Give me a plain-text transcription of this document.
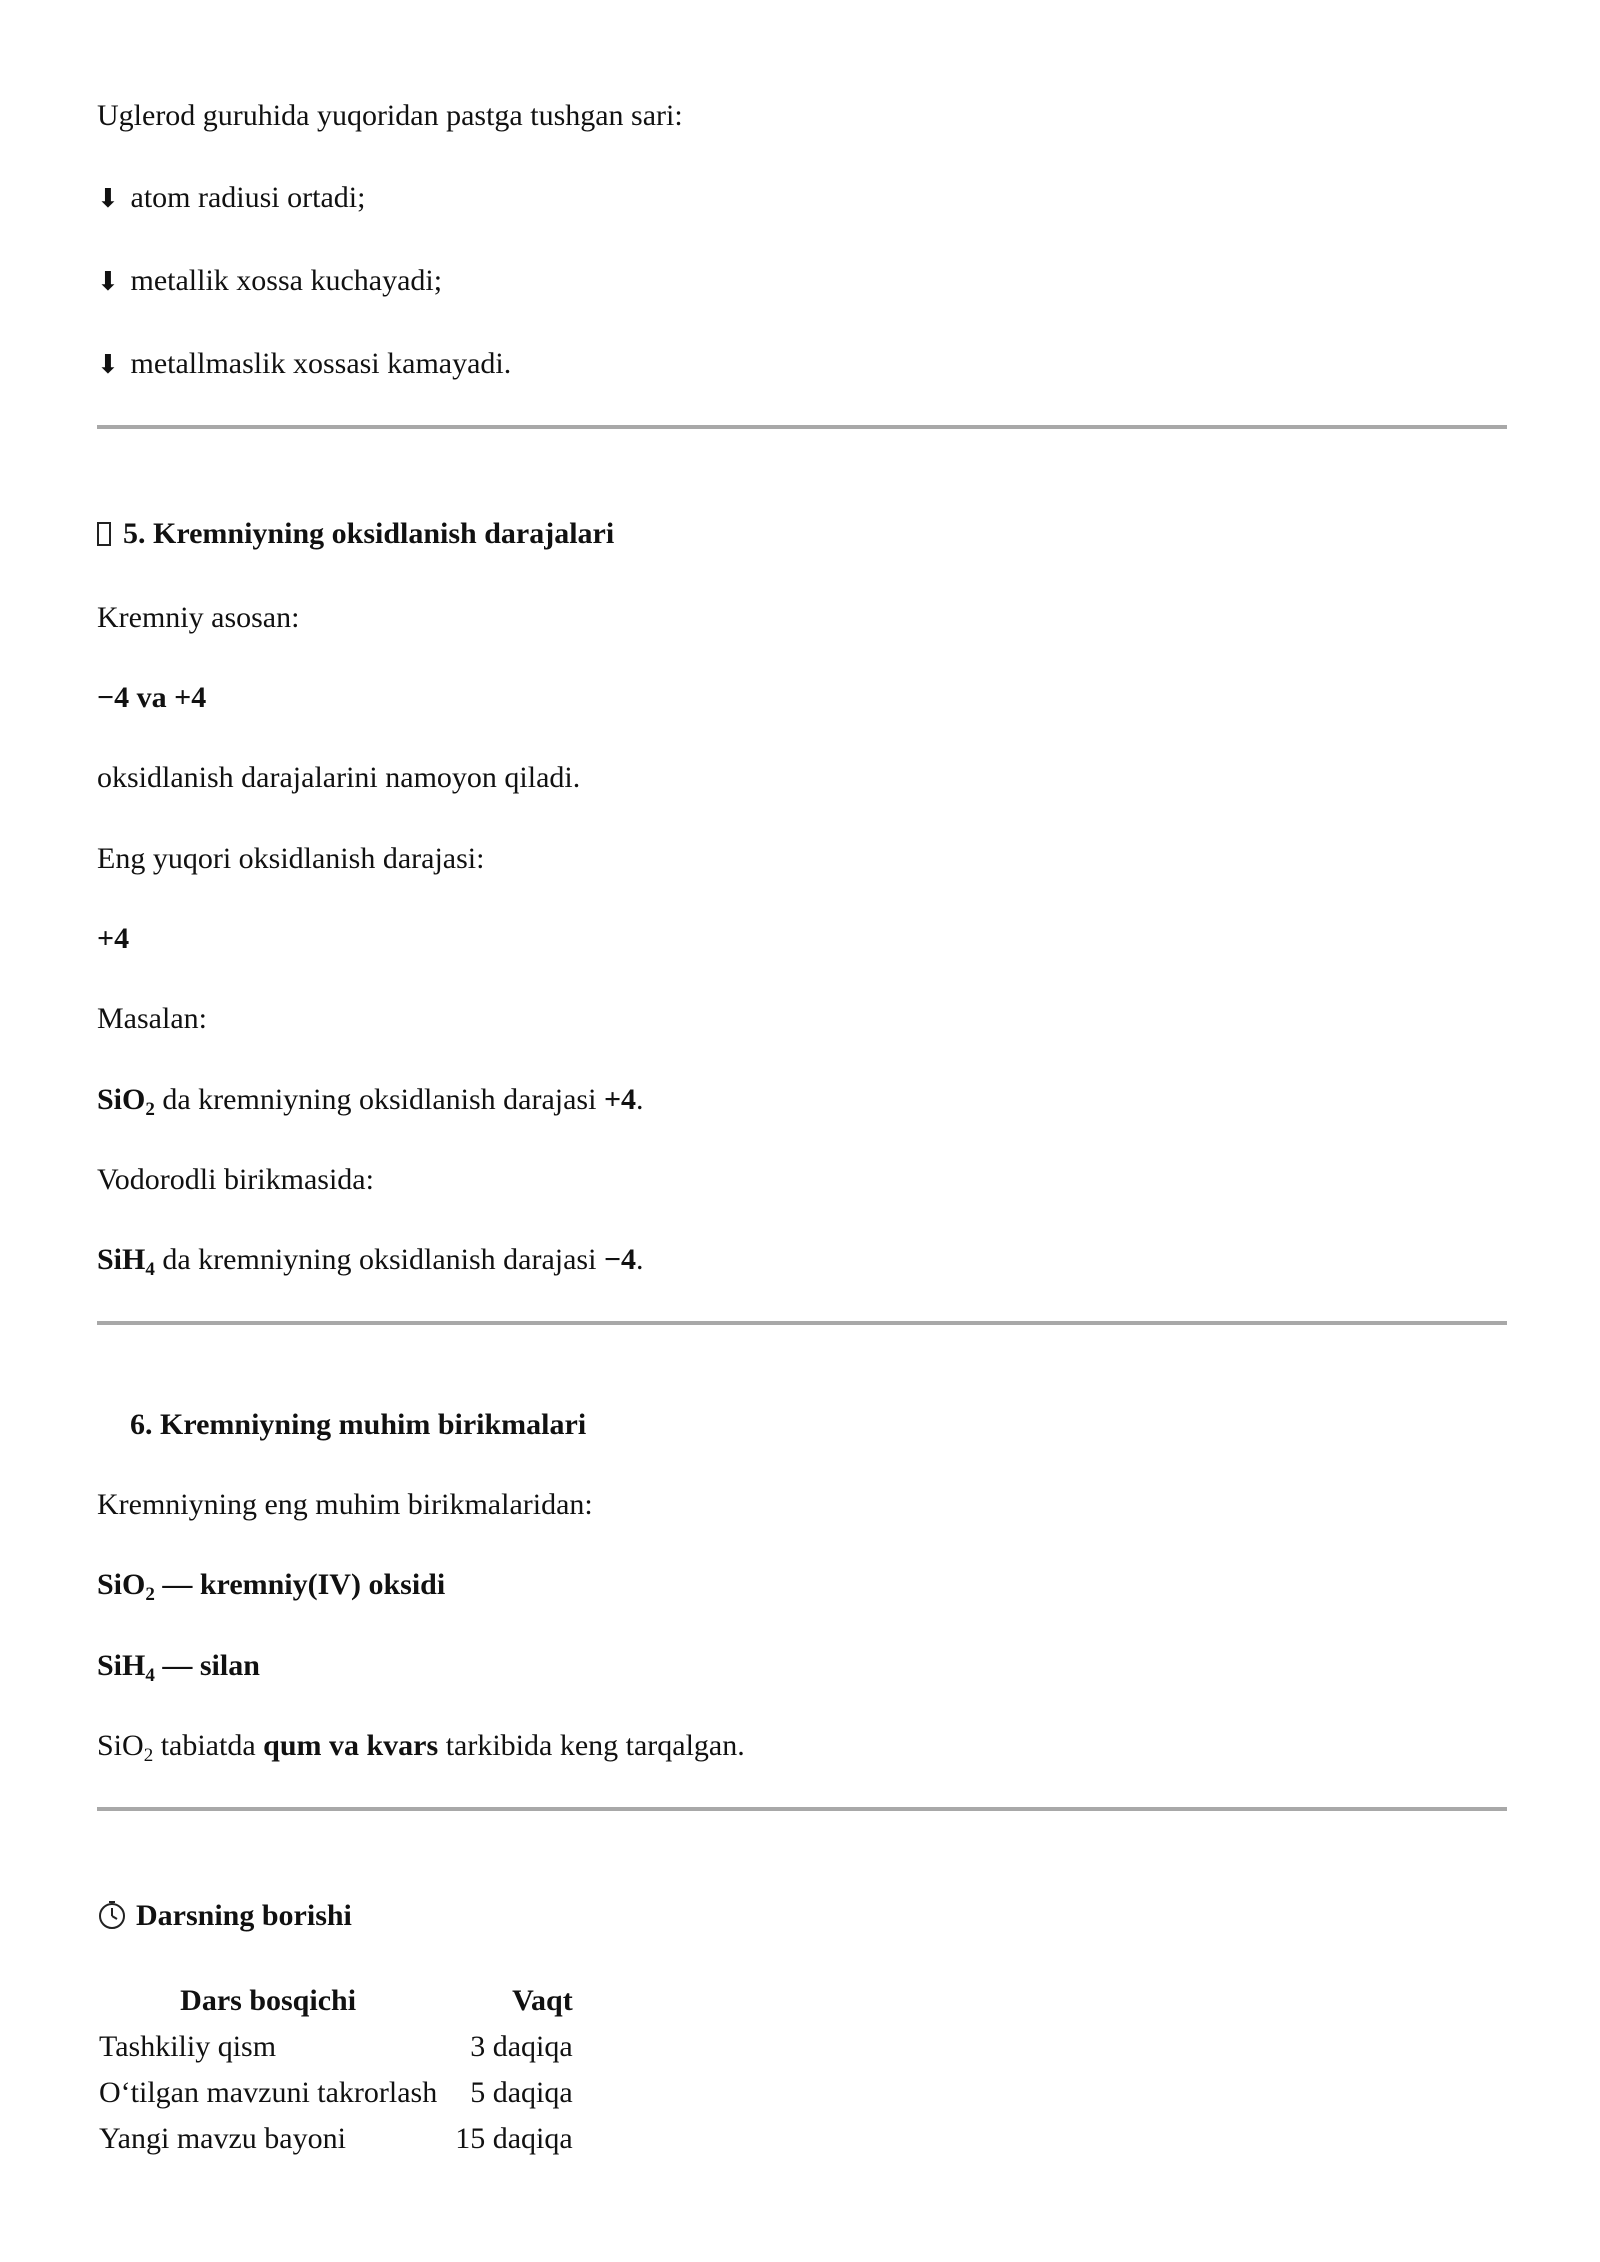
Uglerod guruhida yuqoridan pastga tushgan sari:
⬇ atom radiusi ortadi;
⬇ metallik xossa kuchayadi;
⬇ metallmaslik xossasi kamayadi.
5. Kremniyning oksidlanish darajalari
Kremniy asosan:
−4 va +4
oksidlanish darajalarini namoyon qiladi.
Eng yuqori oksidlanish darajasi:
+4
Masalan:
SiO$_2$ da kremniyning oksidlanish darajasi +4.
Vodorodli birikmasida:
SiH$_4$ da kremniyning oksidlanish darajasi −4.
6. Kremniyning muhim birikmalari
Kremniyning eng muhim birikmalaridan:
SiO$_2$ — kremniy(IV) oksidi
SiH$_4$ — silan
SiO$_2$ tabiatda qum va kvars tarkibida keng tarqalgan.
Darsning borishi
Dars bosqichi	Vaqt
Tashkiliy qism	3 daqiqa
O‘tilgan mavzuni takrorlash	5 daqiqa
Yangi mavzu bayoni	15 daqiqa
